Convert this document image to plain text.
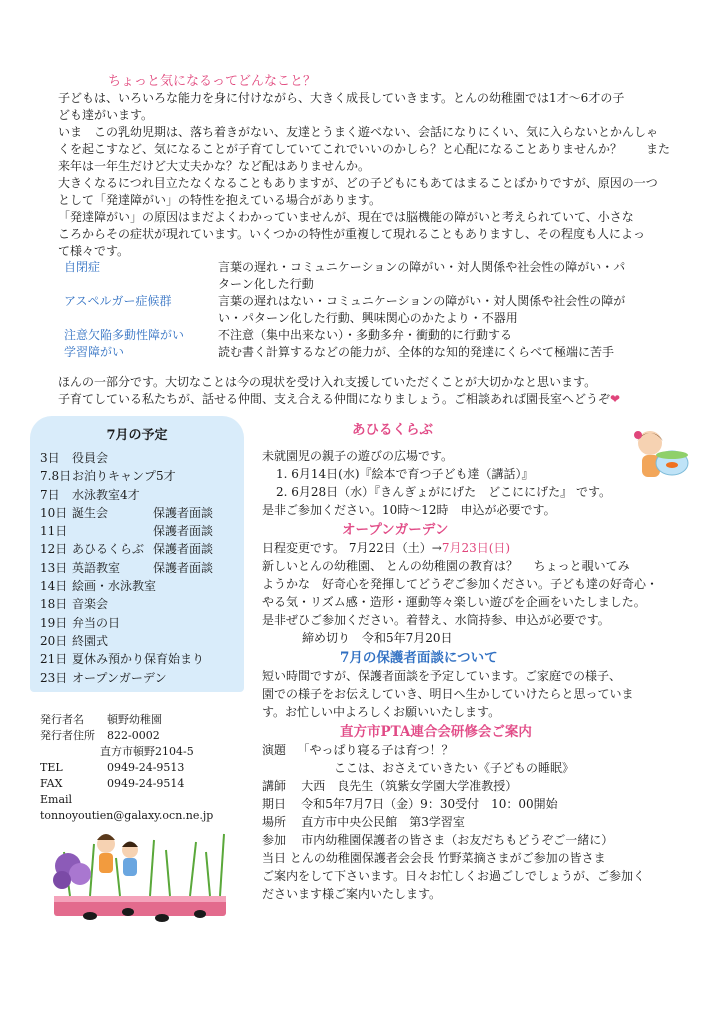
ちょっと気になるってどんなこと？
子どもは、いろいろな能力を身に付けながら、大きく成長していきます。とんの幼稚園では1才～6才の子
ども達がいます。
いま　この乳幼児期は、落ち着きがない、友達とうまく遊べない、会話になりにくい、気に入らないとかんしゃ
くを起こすなど、気になることが子育てしていてこれでいいのかしら？と心配になることありませんか？　　また
来年は一年生だけど大丈夫かな？など配はありませんか。
大きくなるにつれ目立たなくなることもありますが、どの子どもにもあてはまることばかりですが、原因の一つ
として「発達障がい」の特性を抱えている場合があります。
「発達障がい」の原因はまだよくわかっていませんが、現在では脳機能の障がいと考えられていて、小さな
ころからその症状が現れています。いくつかの特性が重複して現れることもありますし、その程度も人によっ
て様々です。
自閉症	言葉の遅れ・コミュニケーションの障がい・対人関係や社会性の障がい・パ
ターン化した行動
アスペルガー症候群	言葉の遅れはない・コミュニケーションの障がい・対人関係や社会性の障が
い・パターン化した行動、興味関心のかたより・不器用
注意欠陥多動性障がい	不注意（集中出来ない）・多動多弁・衝動的に行動する
学習障がい	読む書く計算するなどの能力が、全体的な知的発達にくらべて極端に苦手
ほんの一部分です。大切なことは今の現状を受け入れ支援していただくことが大切かなと思います。
子育てしている私たちが、話せる仲間、支え合える仲間になりましょう。ご相談あれば園長室へどうぞ❤
7月の予定
3日 役員会
7.8日お泊りキャンプ5才
7日 水泳教室4才
10日 誕生会	保護者面談
11日	保護者面談
12日 あひるくらぶ 保護者面談
13日 英語教室	保護者面談
14日 絵画・水泳教室
18日 音楽会
19日 弁当の日
20日 終園式
21日 夏休み預かり保育始まり
23日 オープンガーデン
発行者名 頓野幼稚園
発行者住所 822-0002
直方市頓野2104-5
TEL	0949-24-9513
FAX	0949-24-9514
Email
tonnoyoutien@galaxy.ocn.ne.jp
あひるくらぶ
未就園児の親子の遊びの広場です。
1. 6月14日(水)『絵本で育つ子ども達（講話）』
2. 6月28日（水）『きんぎょがにげた　どこににげた』 です。
是非ご参加ください。10時～12時　申込が必要です。
オープンガーデン
日程変更です。 7月22日（土）→7月23日(日)
新しいとんの幼稚園、 とんの幼稚園の教育は？　 ちょっと覗いてみ
ようかな　好奇心を発揮してどうぞご参加ください。子ども達の好奇心・
やる気・リズム感・造形・運動等々楽しい遊びを企画をいたしました。
是非ぜひご参加ください。着替え、水筒持参、申込が必要です。
締め切り　令和5年7月20日
7月の保護者面談について
短い時間ですが、保護者面談を予定しています。ご家庭での様子、
園での様子をお伝えしていき、明日へ生かしていけたらと思っていま
す。お忙しい中よろしくお願いいたします。
直方市PTA連合会研修会ご案内
演題 「やっぱり寝る子は育つ！？
ここは、おさえていきたい《子どもの睡眠》
講師 大西　良先生（筑紫女学園大学准教授）
期日 令和5年7月7日（金）9：30受付　10：00開始
場所 直方市中央公民館　第3学習室
参加 市内幼稚園保護者の皆さま（お友だちもどうぞご一緒に）
当日 とんの幼稚園保護者会会長 竹野菜摘さまがご参加の皆さま
ご案内をして下さいます。日々お忙しくお過ごしでしょうが、ご参加く
ださいます様ご案内いたします。
